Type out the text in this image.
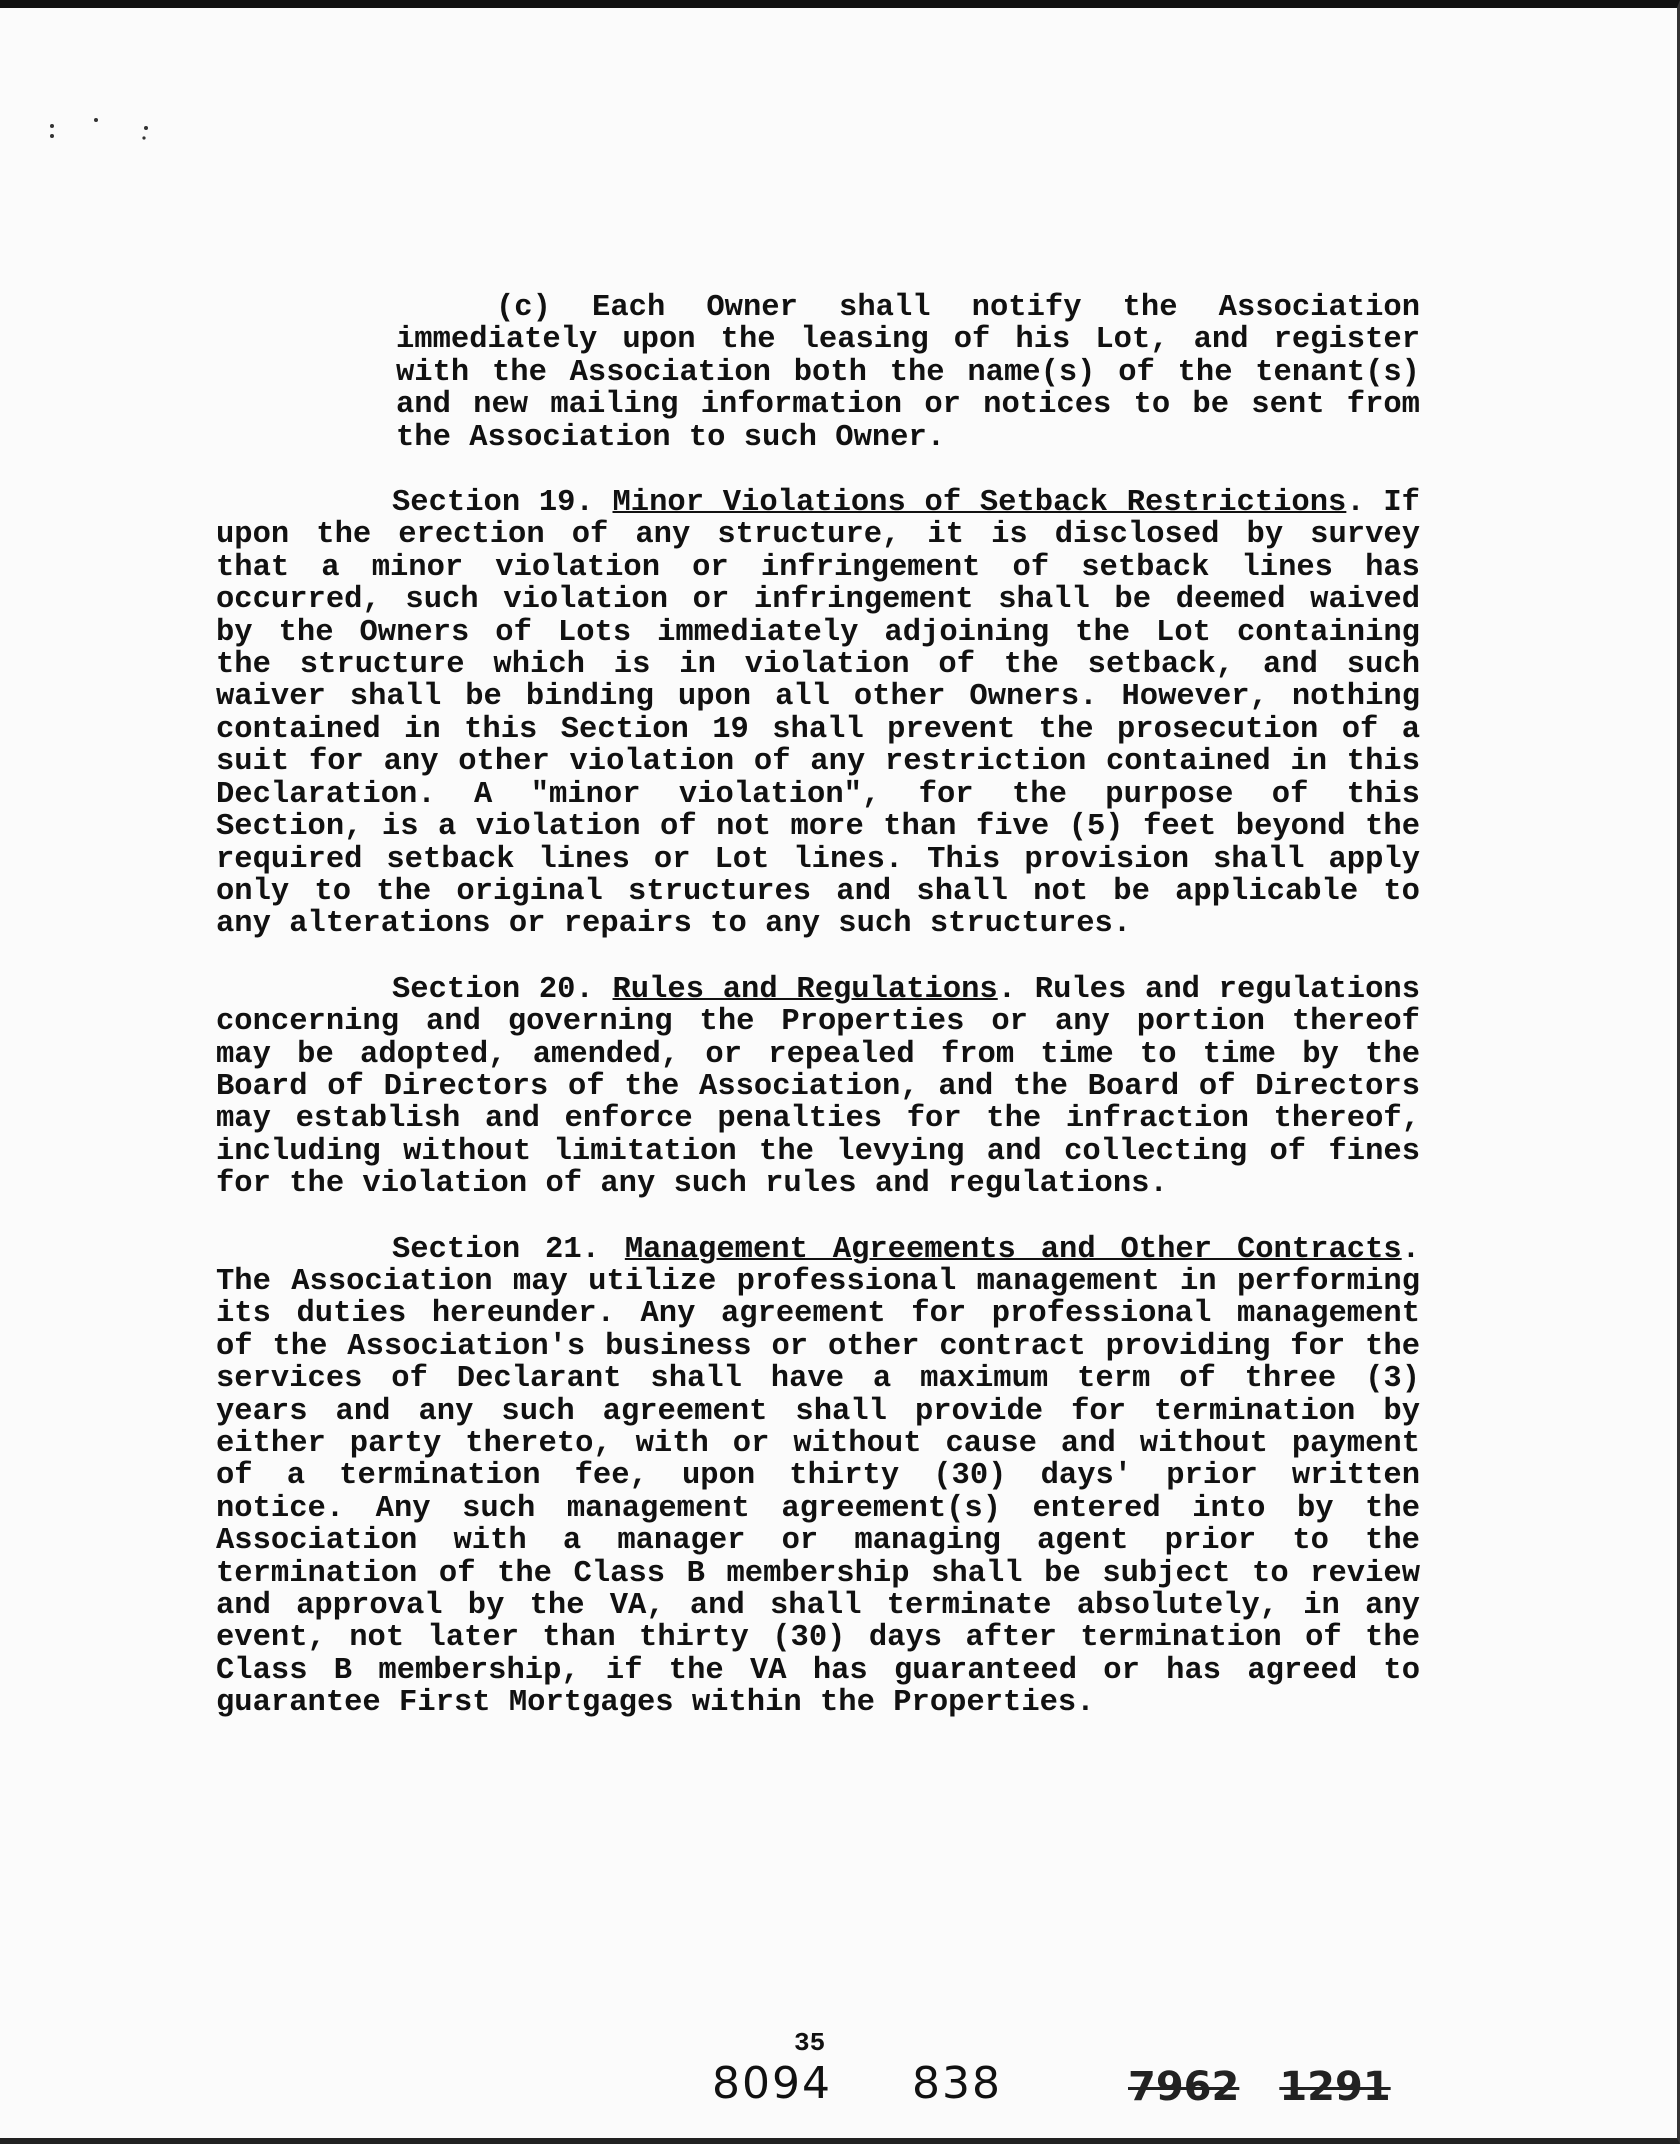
(c) Each Owner shall notify the Association immediately upon the leasing of his Lot, and register with the Association both the name(s) of the tenant(s) and new mailing information or notices to be sent from the Association to such Owner.

Section 19. Minor Violations of Setback Restrictions. If upon the erection of any structure, it is disclosed by survey that a minor violation or infringement of setback lines has occurred, such violation or infringement shall be deemed waived by the Owners of Lots immediately adjoining the Lot containing the structure which is in violation of the setback, and such waiver shall be binding upon all other Owners. However, nothing contained in this Section 19 shall prevent the prosecution of a suit for any other violation of any restriction contained in this Declaration. A "minor violation", for the purpose of this Section, is a violation of not more than five (5) feet beyond the required setback lines or Lot lines. This provision shall apply only to the original structures and shall not be applicable to any alterations or repairs to any such structures.

Section 20. Rules and Regulations. Rules and regulations concerning and governing the Properties or any portion thereof may be adopted, amended, or repealed from time to time by the Board of Directors of the Association, and the Board of Directors may establish and enforce penalties for the infraction thereof, including without limitation the levying and collecting of fines for the violation of any such rules and regulations.

Section 21. Management Agreements and Other Contracts. The Association may utilize professional management in performing its duties hereunder. Any agreement for professional management of the Association's business or other contract providing for the services of Declarant shall have a maximum term of three (3) years and any such agreement shall provide for termination by either party thereto, with or without cause and without payment of a termination fee, upon thirty (30) days' prior written notice. Any such management agreement(s) entered into by the Association with a manager or managing agent prior to the termination of the Class B membership shall be subject to review and approval by the VA, and shall terminate absolutely, in any event, not later than thirty (30) days after termination of the Class B membership, if the VA has guaranteed or has agreed to guarantee First Mortgages within the Properties.

35
8094 838	7962 1291
